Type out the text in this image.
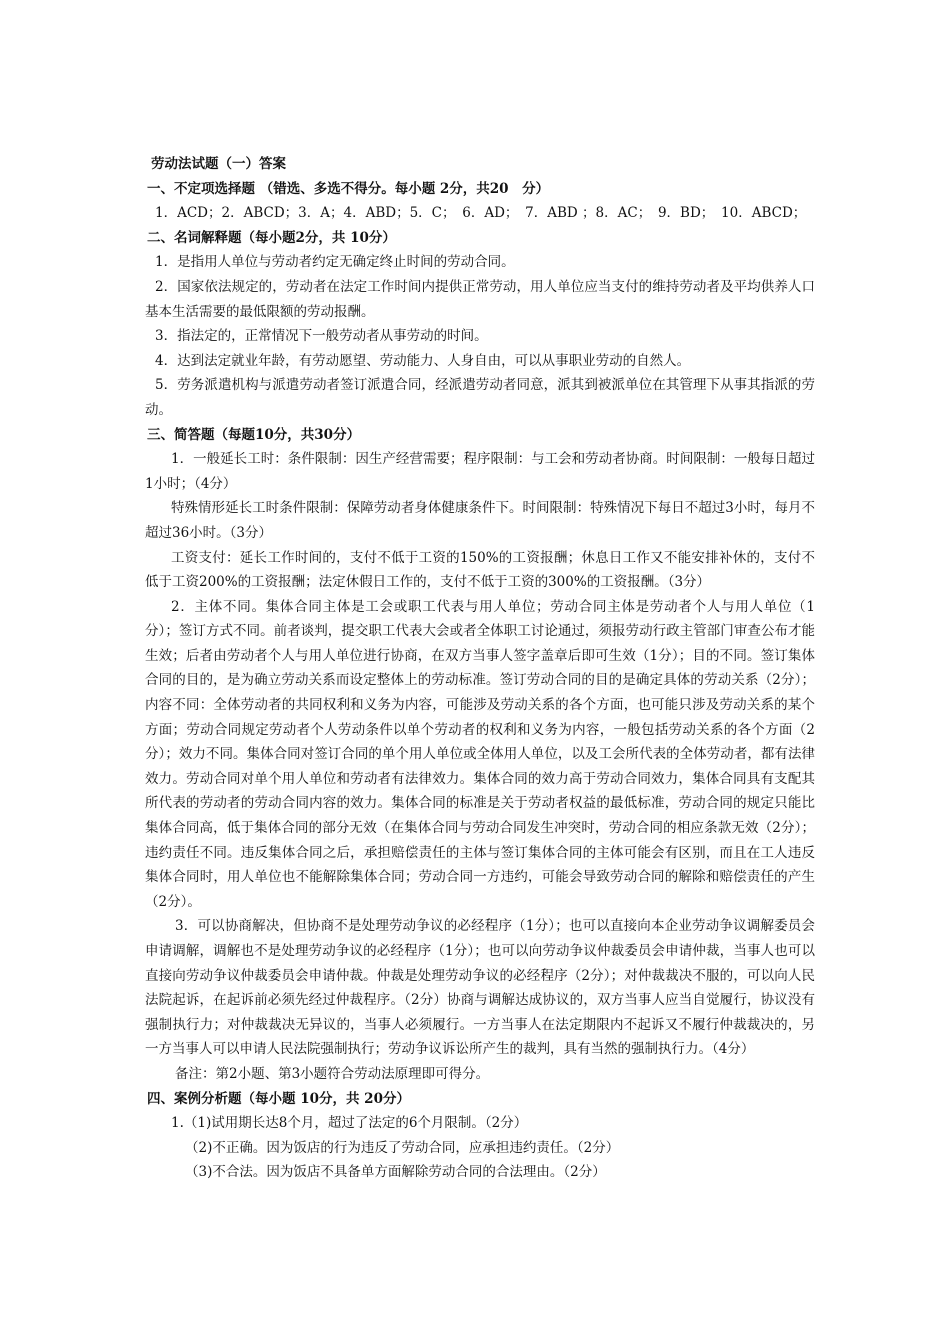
劳动法试题（一）答案
一、不定项选择题 （错选、多选不得分。每小题 2分，共20　分）
1．ACD；2．ABCD；3．A；4．ABD；5．C；　6．AD；　7．ABD ；8．AC；　9．BD；　10．ABCD；
二、名词解释题（每小题2分，共 10分）
1．是指用人单位与劳动者约定无确定终止时间的劳动合同。
2．国家依法规定的，劳动者在法定工作时间内提供正常劳动，用人单位应当支付的维持劳动者及平均供养人口基本生活需要的最低限额的劳动报酬。
3．指法定的，正常情况下一般劳动者从事劳动的时间。
4．达到法定就业年龄，有劳动愿望、劳动能力、人身自由，可以从事职业劳动的自然人。
5．劳务派遣机构与派遣劳动者签订派遣合同，经派遣劳动者同意，派其到被派单位在其管理下从事其指派的劳动。
三、简答题（每题10分，共30分）
1．一般延长工时：条件限制：因生产经营需要；程序限制：与工会和劳动者协商。时间限制：一般每日超过1小时；（4分）
特殊情形延长工时条件限制：保障劳动者身体健康条件下。时间限制：特殊情况下每日不超过3小时，每月不超过36小时。（3分）
工资支付：延长工作时间的，支付不低于工资的150%的工资报酬；休息日工作又不能安排补休的，支付不低于工资200%的工资报酬；法定休假日工作的，支付不低于工资的300%的工资报酬。（3分）
2．主体不同。集体合同主体是工会或职工代表与用人单位；劳动合同主体是劳动者个人与用人单位（1分）；签订方式不同。前者谈判，提交职工代表大会或者全体职工讨论通过，须报劳动行政主管部门审查公布才能生效；后者由劳动者个人与用人单位进行协商，在双方当事人签字盖章后即可生效（1分）；目的不同。签订集体合同的目的，是为确立劳动关系而设定整体上的劳动标准。签订劳动合同的目的是确定具体的劳动关系（2分）；内容不同：全体劳动者的共同权利和义务为内容，可能涉及劳动关系的各个方面，也可能只涉及劳动关系的某个方面；劳动合同规定劳动者个人劳动条件以单个劳动者的权利和义务为内容，一般包括劳动关系的各个方面（2分）；效力不同。集体合同对签订合同的单个用人单位或全体用人单位，以及工会所代表的全体劳动者，都有法律效力。劳动合同对单个用人单位和劳动者有法律效力。集体合同的效力高于劳动合同效力，集体合同具有支配其所代表的劳动者的劳动合同内容的效力。集体合同的标准是关于劳动者权益的最低标准，劳动合同的规定只能比集体合同高，低于集体合同的部分无效（在集体合同与劳动合同发生冲突时，劳动合同的相应条款无效（2分）；违约责任不同。违反集体合同之后，承担赔偿责任的主体与签订集体合同的主体可能会有区别，而且在工人违反集体合同时，用人单位也不能解除集体合同；劳动合同一方违约，可能会导致劳动合同的解除和赔偿责任的产生（2分）。
3．可以协商解决，但协商不是处理劳动争议的必经程序（1分）；也可以直接向本企业劳动争议调解委员会申请调解，调解也不是处理劳动争议的必经程序（1分）；也可以向劳动争议仲裁委员会申请仲裁，当事人也可以直接向劳动争议仲裁委员会申请仲裁。仲裁是处理劳动争议的必经程序（2分）；对仲裁裁决不服的，可以向人民法院起诉，在起诉前必须先经过仲裁程序。（2分）协商与调解达成协议的，双方当事人应当自觉履行，协议没有强制执行力；对仲裁裁决无异议的，当事人必须履行。一方当事人在法定期限内不起诉又不履行仲裁裁决的，另一方当事人可以申请人民法院强制执行；劳动争议诉讼所产生的裁判，具有当然的强制执行力。（4分）
备注：第2小题、第3小题符合劳动法原理即可得分。
四、案例分析题（每小题 10分，共 20分）
1.（1)试用期长达8个月，超过了法定的6个月限制。（2分）
（2)不正确。因为饭店的行为违反了劳动合同，应承担违约责任。（2分）
（3)不合法。因为饭店不具备单方面解除劳动合同的合法理由。（2分）
